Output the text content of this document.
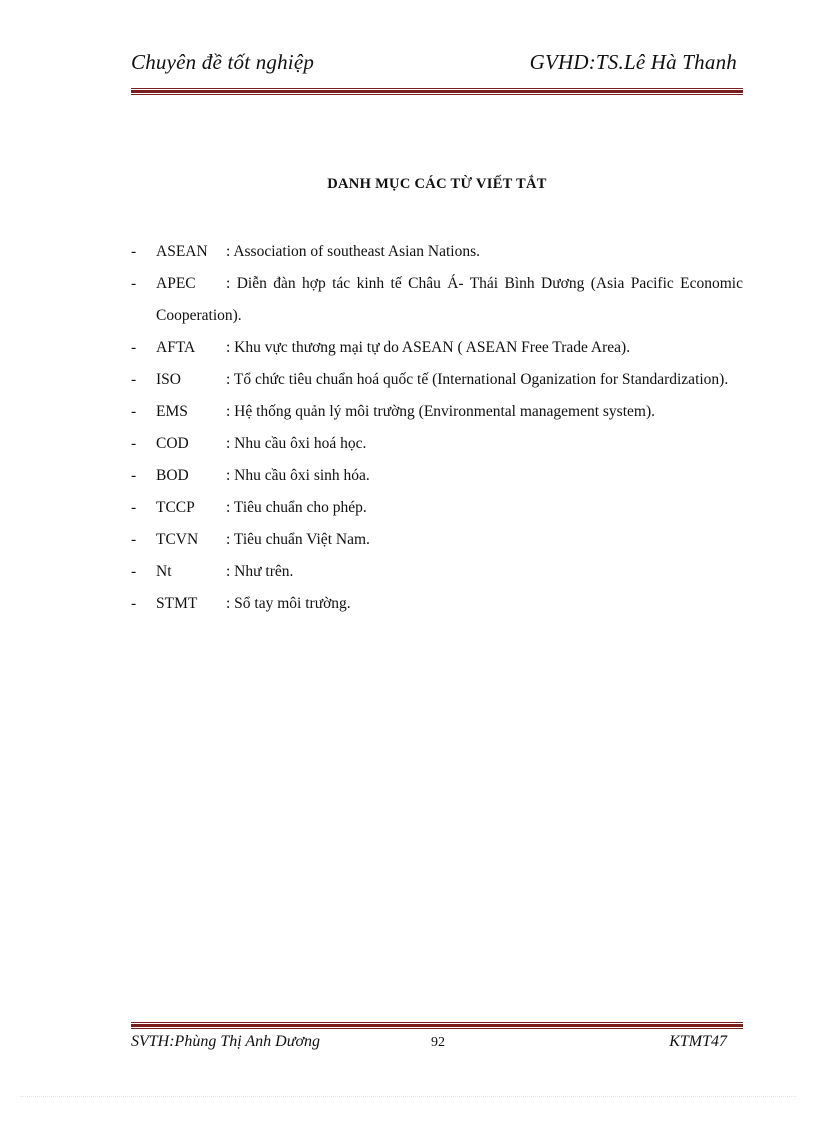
Chuyên đề tốt nghiệp	GVHD:TS.Lê Hà Thanh
DANH MỤC CÁC TỪ VIẾT TẮT
- ASEAN : Association of southeast Asian Nations.
- APEC : Diễn đàn hợp tác kinh tế Châu Á- Thái Bình Dương (Asia Pacific Economic Cooperation).
- AFTA : Khu vực thương mại tự do ASEAN ( ASEAN Free Trade Area).
- ISO	: Tổ chức tiêu chuẩn hoá quốc tế (International Oganization for Standardization).
- EMS : Hệ thống quản lý môi trường (Environmental management system).
- COD : Nhu cầu ôxi hoá học.
- BOD : Nhu cầu ôxi sinh hóa.
- TCCP : Tiêu chuẩn cho phép.
- TCVN : Tiêu chuẩn Việt Nam.
- Nt	: Như trên.
- STMT : Sổ tay môi trường.
SVTH:Phùng Thị Anh Dương	92	KTMT47
